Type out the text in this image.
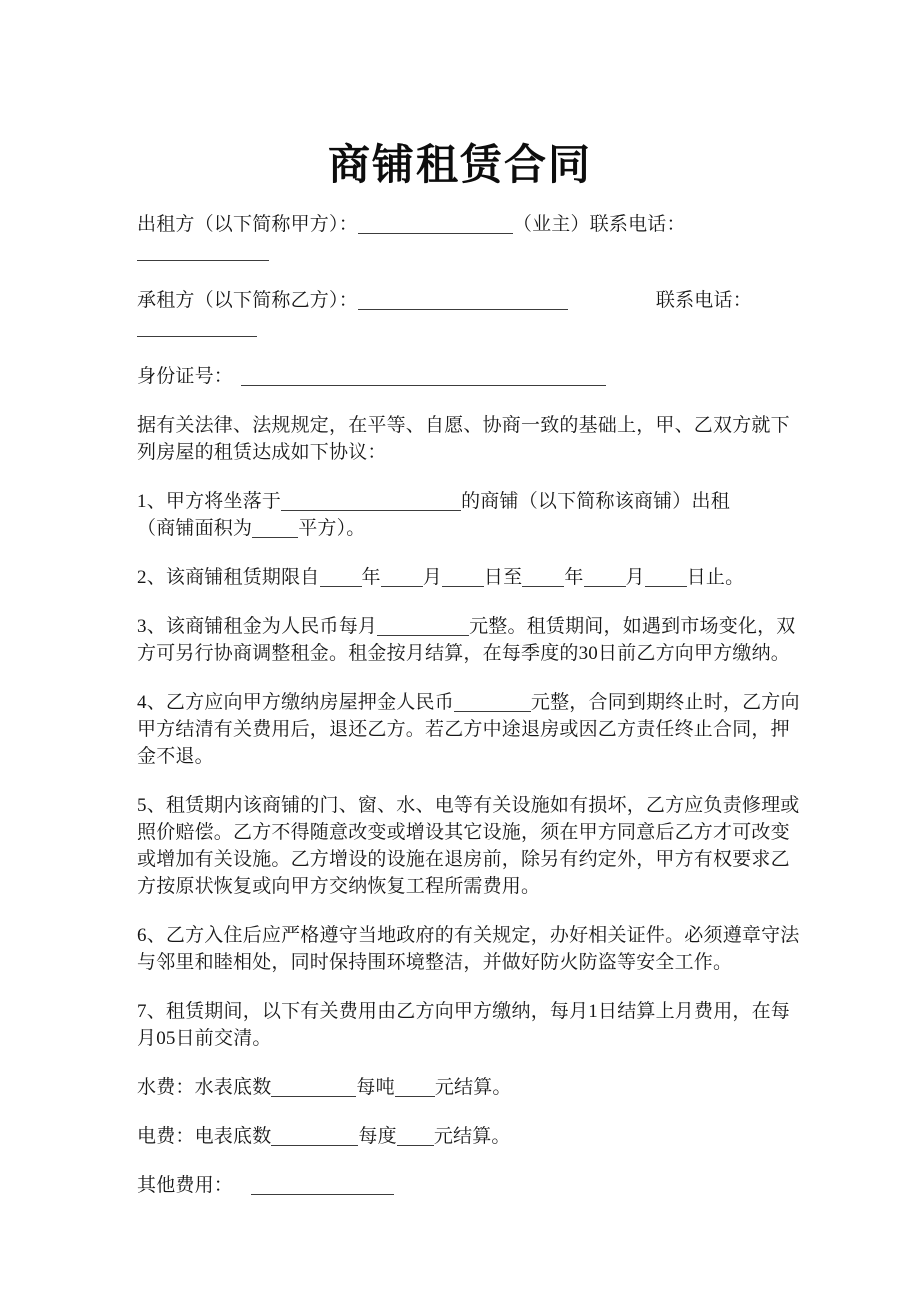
商铺租赁合同
出租方（以下简称甲方）：	（业主）联系电话：
承租方（以下简称乙方）：	联系电话：
身份证号：
据有关法律、法规规定，在平等、自愿、协商一致的基础上，甲、乙双方就下
列房屋的租赁达成如下协议：
1、甲方将坐落于	的商铺（以下简称该商铺）出租
（商铺面积为 平方）。
2、该商铺租赁期限自 年 月 日至 年 月 日止。
3、该商铺租金为人民币每月	元整。租赁期间，如遇到市场变化，双
方可另行协商调整租金。租金按月结算，在每季度的30日前乙方向甲方缴纳。
4、乙方应向甲方缴纳房屋押金人民币	元整，合同到期终止时，乙方向
甲方结清有关费用后，退还乙方。若乙方中途退房或因乙方责任终止合同，押
金不退。
5、租赁期内该商铺的门、窗、水、电等有关设施如有损坏，乙方应负责修理或
照价赔偿。乙方不得随意改变或增设其它设施，须在甲方同意后乙方才可改变
或增加有关设施。乙方增设的设施在退房前，除另有约定外，甲方有权要求乙
方按原状恢复或向甲方交纳恢复工程所需费用。
6、乙方入住后应严格遵守当地政府的有关规定，办好相关证件。必须遵章守法
与邻里和睦相处，同时保持围环境整洁，并做好防火防盗等安全工作。
7、租赁期间，以下有关费用由乙方向甲方缴纳，每月1日结算上月费用，在每
月05日前交清。
水费：水表底数	每吨 元结算。
电费：电表底数	每度 元结算。
其他费用：
